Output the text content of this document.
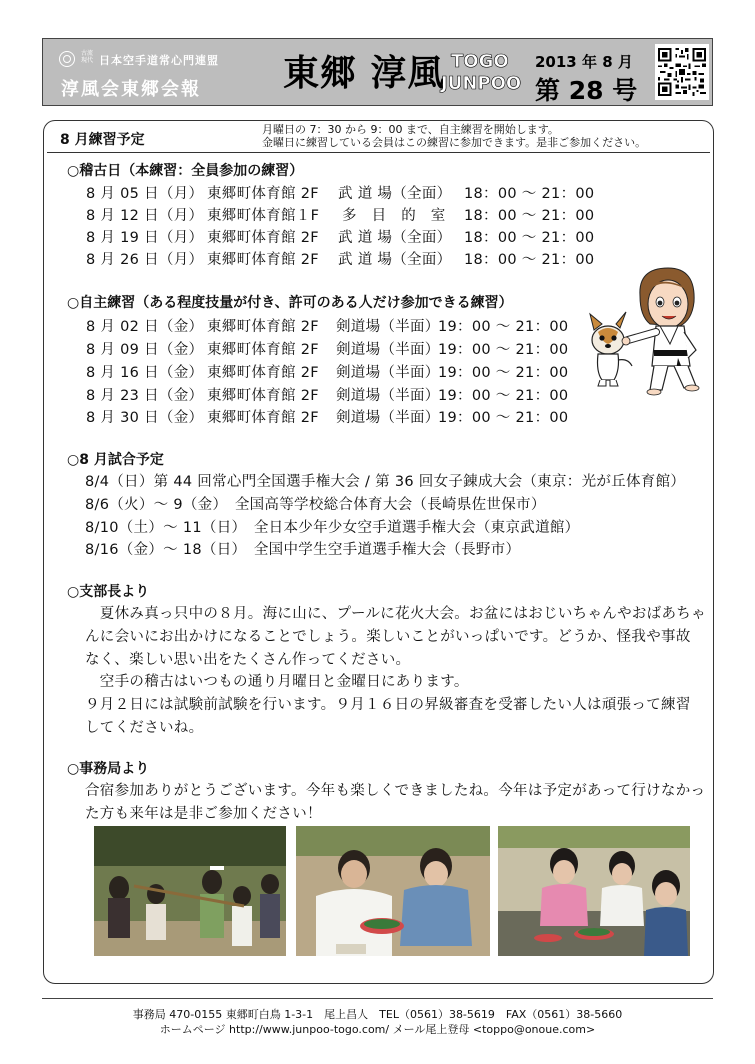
古流現代 日本空手道常心門連盟
淳風会東郷会報 東郷 淳風 TOGO
JUNPOO
2013 年 8 月
第 28 号
8 月練習予定
月曜日の 7：30 から 9：00 まで、自主練習を開始します。
金曜日に練習している会員はこの練習に参加できます。是非ご参加ください。
○稽古日（本練習：全員参加の練習）
8 月 05 日（月） 東郷町体育館 2F 武 道 場（全面） 18：00 〜 21：00
8 月 12 日（月） 東郷町体育館１F 多　目　的　室 18：00 〜 21：00
8 月 19 日（月） 東郷町体育館 2F 武 道 場（全面） 18：00 〜 21：00
8 月 26 日（月） 東郷町体育館 2F 武 道 場（全面） 18：00 〜 21：00
○自主練習（ある程度技量が付き、許可のある人だけ参加できる練習）
8 月 02 日（金） 東郷町体育館 2F 剣道場（半面）
19：00 〜 21：00
8 月 09 日（金） 東郷町体育館 2F 剣道場（半面）
19：00 〜 21：00
8 月 16 日（金） 東郷町体育館 2F 剣道場（半面）
19：00 〜 21：00
8 月 23 日（金） 東郷町体育館 2F 剣道場（半面）
19：00 〜 21：00
8 月 30 日（金） 東郷町体育館 2F 剣道場（半面）
19：00 〜 21：00
○8 月試合予定
8/4（日）第 44 回常心門全国選手権大会 / 第 36 回女子錬成大会（東京：光が丘体育館）
8/6（火）〜 9（金）　全国高等学校総合体育大会（長崎県佐世保市）
8/10（土）〜 11（日）　全日本少年少女空手道選手権大会（東京武道館）
8/16（金）〜 18（日）　全国中学生空手道選手権大会（長野市）
○支部長より
　夏休み真っ只中の８月。海に山に、プールに花火大会。お盆にはおじいちゃんやおばあちゃ
んに会いにお出かけになることでしょう。楽しいことがいっぱいです。どうか、怪我や事故
なく、楽しい思い出をたくさん作ってください。
　空手の稽古はいつもの通り月曜日と金曜日にあります。
９月２日には試験前試験を行います。９月１６日の昇級審査を受審したい人は頑張って練習
してくださいね。
○事務局より
合宿参加ありがとうございます。今年も楽しくできましたね。今年は予定があって行けなかっ
た方も来年は是非ご参加ください！
事務局 470-0155 東郷町白鳥 1-3-1　尾上昌人　TEL（0561）38-5619　FAX（0561）38-5660
ホームページ http://www.junpoo-togo.com/ メール尾上登母 <toppo@onoue.com>
